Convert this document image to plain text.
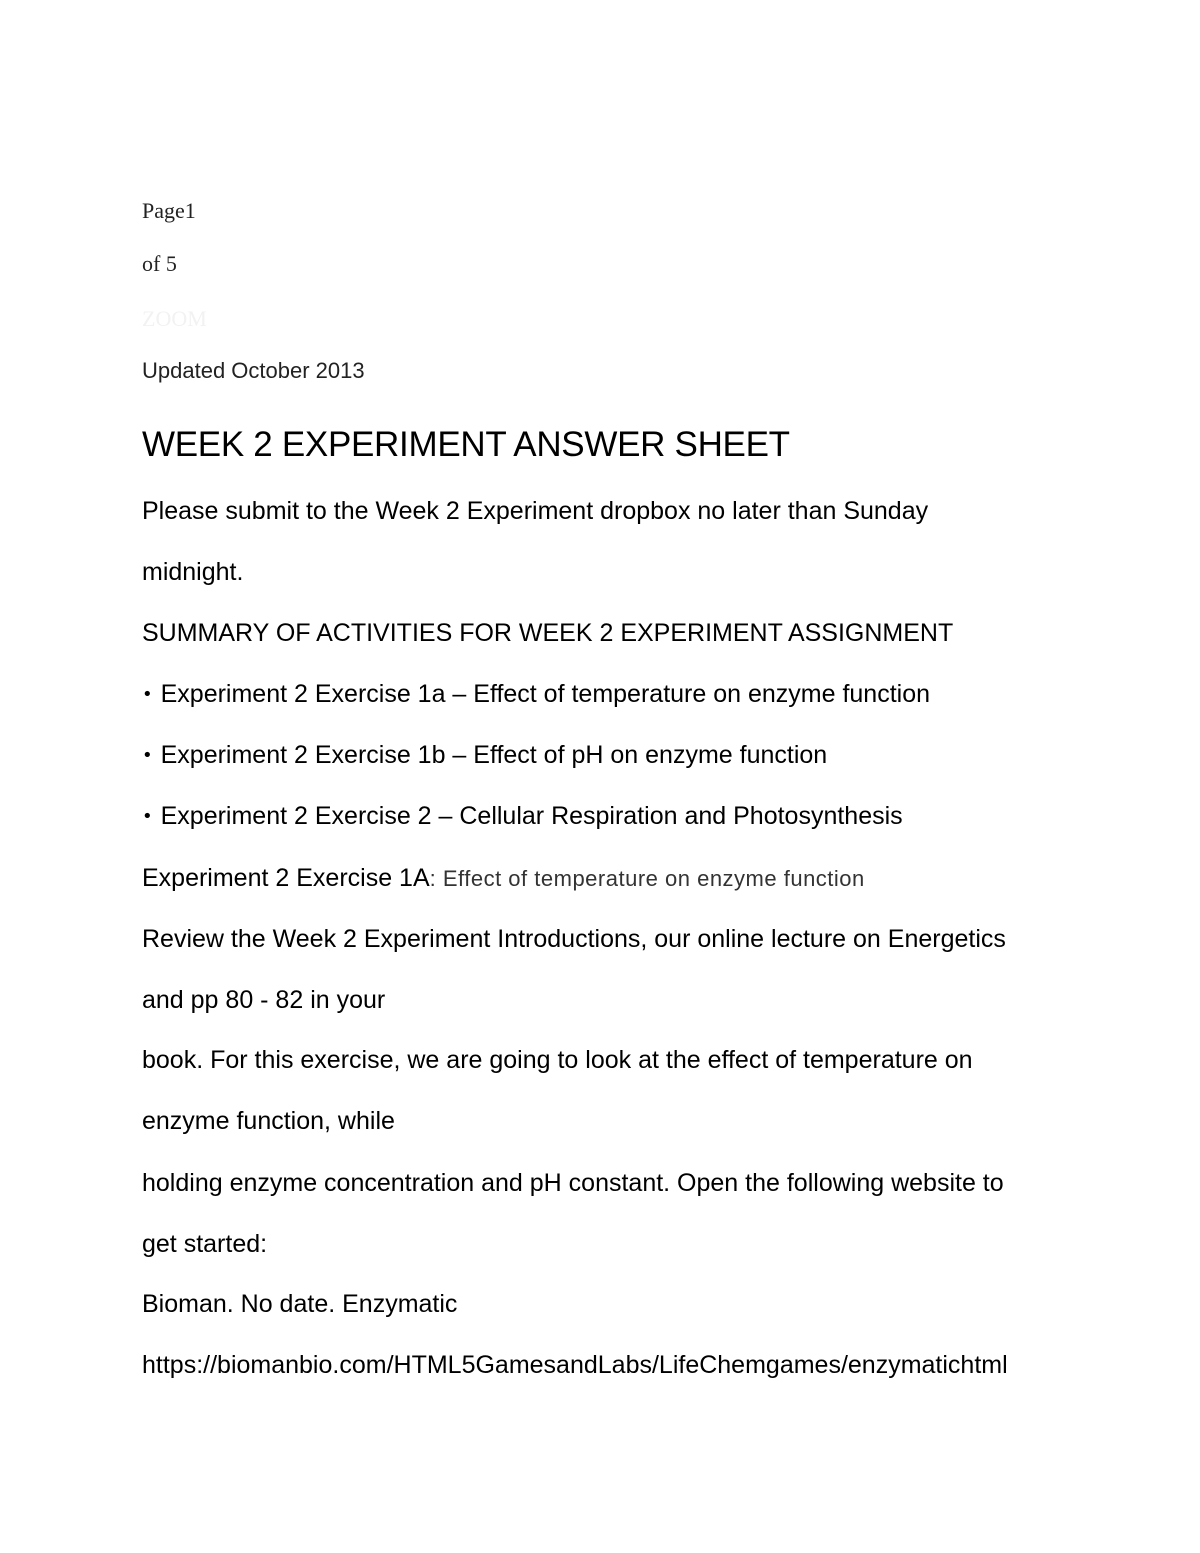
Page1

of 5

ZOOM

Updated October 2013

WEEK 2 EXPERIMENT ANSWER SHEET

Please submit to the Week 2 Experiment dropbox no later than Sunday

midnight.

SUMMARY OF ACTIVITIES FOR WEEK 2 EXPERIMENT ASSIGNMENT

• Experiment 2 Exercise 1a – Effect of temperature on enzyme function
• Experiment 2 Exercise 1b – Effect of pH on enzyme function
• Experiment 2 Exercise 2 – Cellular Respiration and Photosynthesis

Experiment 2 Exercise 1A: Effect of temperature on enzyme function

Review the Week 2 Experiment Introductions, our online lecture on Energetics

and pp 80 - 82 in your

book. For this exercise, we are going to look at the effect of temperature on

enzyme function, while

holding enzyme concentration and pH constant. Open the following website to

get started:

Bioman. No date. Enzymatic

https://biomanbio.com/HTML5GamesandLabs/LifeChemgames/enzymatichtml
